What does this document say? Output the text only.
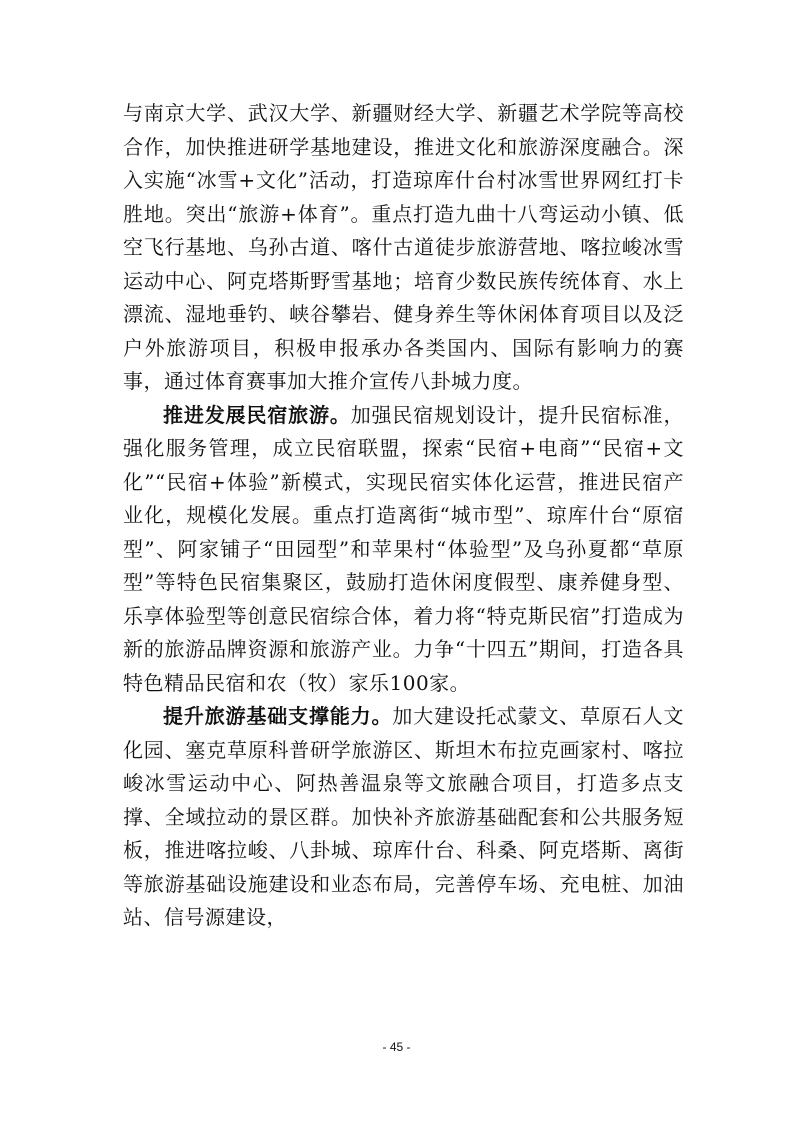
与南京大学、武汉大学、新疆财经大学、新疆艺术学院等高校合作，加快推进研学基地建设，推进文化和旅游深度融合。深入实施“冰雪+文化”活动，打造琼库什台村冰雪世界网红打卡胜地。突出“旅游+体育”。重点打造九曲十八弯运动小镇、低空飞行基地、乌孙古道、喀什古道徒步旅游营地、喀拉峻冰雪运动中心、阿克塔斯野雪基地；培育少数民族传统体育、水上漂流、湿地垂钓、峡谷攀岩、健身养生等休闲体育项目以及泛户外旅游项目，积极申报承办各类国内、国际有影响力的赛事，通过体育赛事加大推介宣传八卦城力度。

推进发展民宿旅游。加强民宿规划设计，提升民宿标准，强化服务管理，成立民宿联盟，探索“民宿+电商”“民宿+文化”“民宿+体验”新模式，实现民宿实体化运营，推进民宿产业化，规模化发展。重点打造离街“城市型”、琼库什台“原宿型”、阿家铺子“田园型”和苹果村“体验型”及乌孙夏都“草原型”等特色民宿集聚区，鼓励打造休闲度假型、康养健身型、乐享体验型等创意民宿综合体，着力将“特克斯民宿”打造成为新的旅游品牌资源和旅游产业。力争“十四五”期间，打造各具特色精品民宿和农（牧）家乐100家。

提升旅游基础支撑能力。加大建设托忒蒙文、草原石人文化园、塞克草原科普研学旅游区、斯坦木布拉克画家村、喀拉峻冰雪运动中心、阿热善温泉等文旅融合项目，打造多点支撑、全域拉动的景区群。加快补齐旅游基础配套和公共服务短板，推进喀拉峻、八卦城、琼库什台、科桑、阿克塔斯、离街等旅游基础设施建设和业态布局，完善停车场、充电桩、加油站、信号源建设，

- 45 -
